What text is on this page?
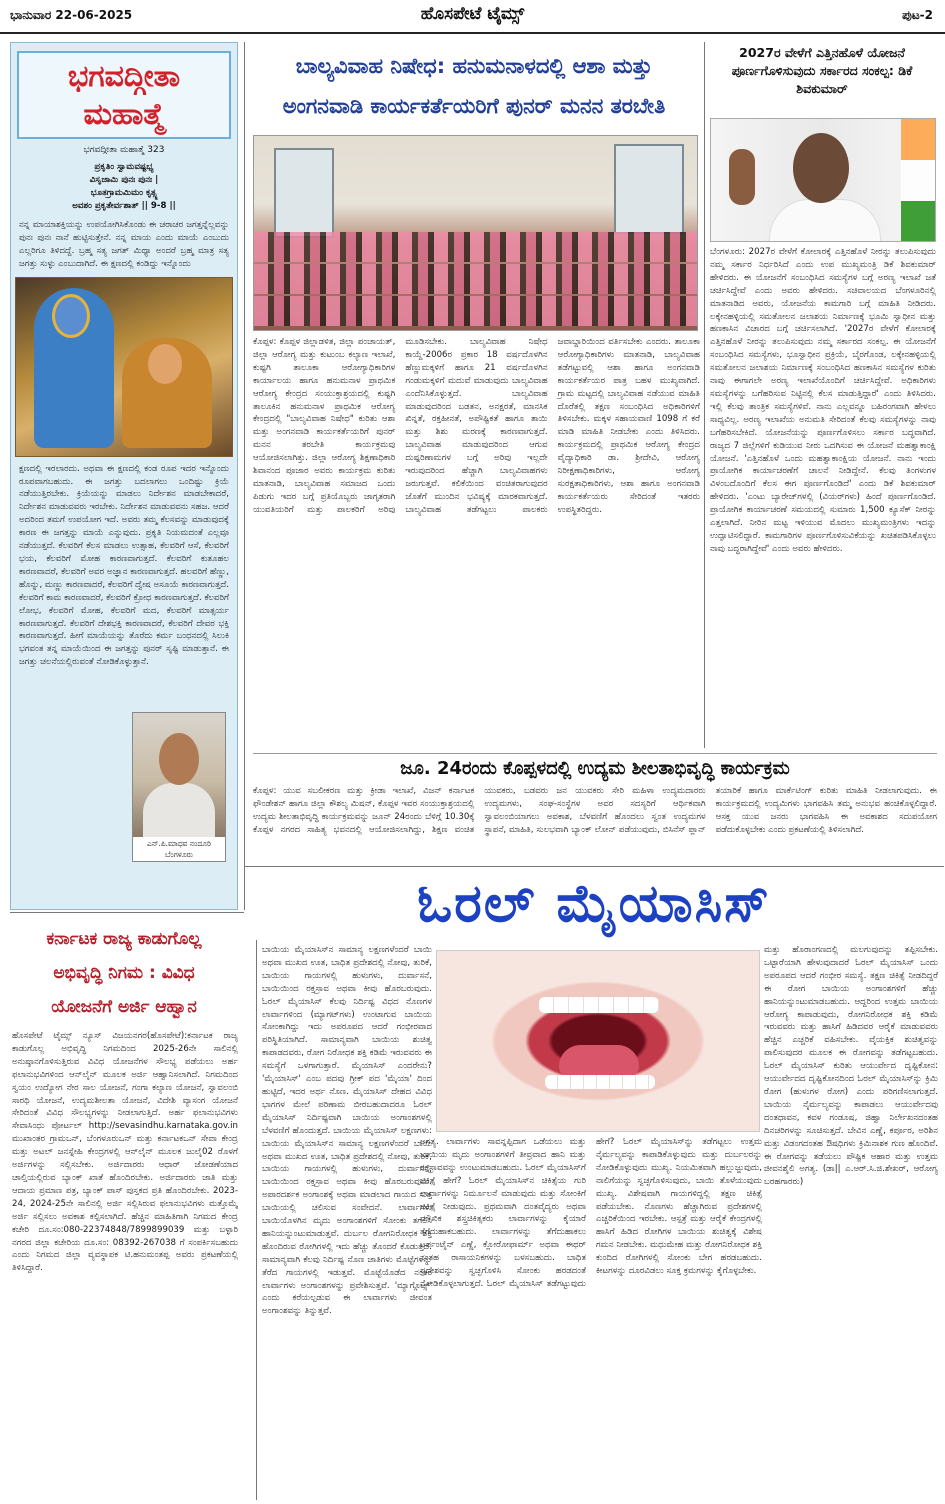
ಭಾನುವಾರ 22-06-2025	ಹೊಸಪೇಟೆ ಟೈಮ್ಸ್	ಪುಟ-2
ಭಗವದ್ಗೀತಾ
ಮಹಾತ್ಮೆ
ಭಗವದ್ಗೀತಾ ಮಹಾತ್ಮೆ 323
ಪ್ರಕೃತಿಂ ಸ್ವಾಮವಷ್ಟಭ್ಯ
ವಿಸೃಜಾಮಿ ಪುನಃ ಪುನಃ |
ಭೂತಗ್ರಾಮಮಿಮಂ ಕೃತ್ಸ್ನ
ಅವಶಂ ಪ್ರಕೃತೇರ್ವಶಾತ್ || 9-8 ||
ನನ್ನ ಮಾಯಾಶಕ್ತಿಯನ್ನು ಉಪಯೋಗಿಸಿಕೊಂಡು ಈ ಚರಾಚರ ಜಗತ್ತನ್ನೆಲ್ಲವನ್ನು ಪುನಃ ಪುನಃ ನಾನೆ ಹುಟ್ಟಿಸುತ್ತೇನೆ. ನನ್ನ ಮಾಯ ಎಂದು ಮಾಯೆ ಎಂಬುದು ಎಲ್ಲರಿಗೂ ತಿಳಿದದ್ದೆ. ಬ್ರಹ್ಮ ಸತ್ಯ ಜಗತ್ ಮಿಥ್ಯಾ ಅಂದರೆ ಬ್ರಹ್ಮ ಮಾತ್ರ ಸತ್ಯ ಜಗತ್ತು ಸುಳ್ಳು ಎಂಬುದಾಗಿದೆ. ಈ ಕ್ಷಣದಲ್ಲಿ ಕಂಡಿದ್ದು ಇನ್ನೊಂದು
ಕ್ಷಣದಲ್ಲಿ ಇರಲಾರದು. ಅಥವಾ ಈ ಕ್ಷಣದಲ್ಲಿ ಕಂಡ ರೂಪ ಇದರ ಇನ್ನೊಂದು ರೂಪವಾಗಬಹುದು. ಈ ಜಗತ್ತು ಬದಲಾಗಲು ಒಂದಿಷ್ಟು ಕ್ರಿಯೆ ನಡೆಯುತ್ತಿರಬೇಕು. ಕ್ರಿಯೆಯನ್ನು ಮಾಡಲು ನಿರ್ದೇಶನ ಮಾಡಬೇಕಾದರೆ, ನಿರ್ದೇಶನ ಮಾಡುವವರು ಇರಬೇಕು. ನಿರ್ದೇಶನ ಮಾಡುವವನು ಸಹಜ. ಆದರೆ ಅದರಿಂದ ತಮಗೆ ಉಪಯೋಗ ಇದೆ. ಅವರು ತಮ್ಮ ಕೆಲಸವನ್ನು ಮಾಡುವುದಕ್ಕೆ ಕಾರಣ ಈ ಜಗತ್ತನ್ನು ಮಾಯೆ ಎನ್ನುವುದು. ಪ್ರಕೃತಿ ನಿಯಮದಂತೆ ಎಲ್ಲವೂ ನಡೆಯುತ್ತದೆ. ಕೆಲವರಿಗೆ ಕೆಲಸ ಮಾಡಲು ಉತ್ಸಾಹ, ಕೆಲವರಿಗೆ ಆಸೆ, ಕೆಲವರಿಗೆ ಭಯ, ಕೆಲವರಿಗೆ ಮೋಹ ಕಾರಣವಾಗುತ್ತದೆ. ಕೆಲವರಿಗೆ ಕುತೂಹಲ ಕಾರಣವಾದರೆ, ಕೆಲವರಿಗೆ ಅವರ ಅಜ್ಞಾನ ಕಾರಣವಾಗುತ್ತದೆ. ಹಲವರಿಗೆ ಹೆಣ್ಣು, ಹೊನ್ನು, ಮಣ್ಣು ಕಾರಣವಾದರೆ, ಕೆಲವರಿಗೆ ದ್ವೇಷ ಅಸೂಯೆ ಕಾರಣವಾಗುತ್ತದೆ. ಕೆಲವರಿಗೆ ಕಾಮ ಕಾರಣವಾದರೆ, ಕೆಲವರಿಗೆ ಕ್ರೋಧ ಕಾರಣವಾಗುತ್ತದೆ. ಕೆಲವರಿಗೆ ಲೋಭ, ಕೆಲವರಿಗೆ ಮೋಹ, ಕೆಲವರಿಗೆ ಮದ, ಕೆಲವರಿಗೆ ಮಾತ್ಸರ್ಯ ಕಾರಣವಾಗುತ್ತದೆ. ಕೆಲವರಿಗೆ ದೇಶಭಕ್ತಿ ಕಾರಣವಾದರೆ, ಕೆಲವರಿಗೆ ದೇವರ ಭಕ್ತಿ ಕಾರಣವಾಗುತ್ತದೆ. ಹೀಗೆ ಮಾಯೆಯನ್ನು ತೊರೆದು ಕರ್ಮ ಬಂಧನದಲ್ಲಿ ಸಿಲುಕಿ ಭಗವಂತ ತನ್ನ ಮಾಯೆಯಿಂದ ಈ ಜಗತ್ತನ್ನು ಪುನರ್ ಸೃಷ್ಟಿ ಮಾಡುತ್ತಾನೆ. ಈ ಜಗತ್ತು ಚಲನೆಯಲ್ಲಿರುವಂತೆ ನೋಡಿಕೊಳ್ಳುತ್ತಾನೆ.
ಎನ್.ಪಿ.ಮಾಧವ ನಂದೂರಿ
ಬೆಂಗಳೂರು
ಬಾಲ್ಯವಿವಾಹ ನಿಷೇಧ: ಹನುಮನಾಳದಲ್ಲಿ ಆಶಾ ಮತ್ತು
ಅಂಗನವಾಡಿ ಕಾರ್ಯಕರ್ತೆಯರಿಗೆ ಪುನರ್ ಮನನ ತರಬೇತಿ
ಕೊಪ್ಪಳ: ಕೊಪ್ಪಳ ಜಿಲ್ಲಾಡಳಿತ, ಜಿಲ್ಲಾ ಪಂಚಾಯತ್, ಜಿಲ್ಲಾ ಆರೋಗ್ಯ ಮತ್ತು ಕುಟುಂಬ ಕಲ್ಯಾಣ ಇಲಾಖೆ, ಕುಷ್ಟಗಿ ತಾಲೂಕಾ ಆರೋಗ್ಯಾಧಿಕಾರಿಗಳ ಕಾರ್ಯಾಲಯ ಹಾಗೂ ಹನುಮನಾಳ ಪ್ರಾಥಮಿಕ ಆರೋಗ್ಯ ಕೇಂದ್ರದ ಸಂಯುಕ್ತಾಶ್ರಯದಲ್ಲಿ ಕುಷ್ಟಗಿ ತಾಲೂಕಿನ ಹನುಮನಾಳ ಪ್ರಾಥಮಿಕ ಆರೋಗ್ಯ ಕೇಂದ್ರದಲ್ಲಿ "ಬಾಲ್ಯವಿವಾಹ ನಿಷೇಧ" ಕುರಿತು ಆಶಾ ಮತ್ತು ಅಂಗನವಾಡಿ ಕಾರ್ಯಕರ್ತೆಯರಿಗೆ ಪುನರ್ ಮನನ ತರಬೇತಿ ಕಾರ್ಯಕ್ರಮವು ಆಯೋಜಿಸಲಾಗಿತ್ತು. ಜಿಲ್ಲಾ ಆರೋಗ್ಯ ಶಿಕ್ಷಣಾಧಿಕಾರಿ ಶಿವಾನಂದ ಪೂಜಾರ ಅವರು ಕಾರ್ಯಕ್ರಮ ಕುರಿತು ಮಾತನಾಡಿ, ಬಾಲ್ಯವಿವಾಹ ಸಮಾಜದ ಒಂದು ಪಿಡುಗು ಇದರ ಬಗ್ಗೆ ಪ್ರತಿಯೊಬ್ಬರು ಜಾಗೃತರಾಗಿ ಯುವತಿಯರಿಗೆ ಮತ್ತು ಪಾಲಕರಿಗೆ ಅರಿವು ಮೂಡಿಸಬೇಕು. ಬಾಲ್ಯವಿವಾಹ ನಿಷೇಧ ಕಾಯ್ದೆ-2006ರ ಪ್ರಕಾರ 18 ವರ್ಷದೊಳಗಿನ ಹೆಣ್ಣುಮಕ್ಕಳಿಗೆ ಹಾಗೂ 21 ವರ್ಷದೊಳಗಿನ ಗಂಡುಮಕ್ಕಳಿಗೆ ಮದುವೆ ಮಾಡುವುದು ಬಾಲ್ಯವಿವಾಹ ಎಂದೆನಿಸಿಕೊಳ್ಳುತ್ತದೆ. ಬಾಲ್ಯವಿವಾಹ ಮಾಡುವುದರಿಂದ ಬಡತನ, ಅನಕ್ಷರತೆ, ಮಾನಸಿಕ ಖಿನ್ನತೆ, ರಕ್ತಹೀನತೆ, ಅಪೌಷ್ಟಿಕತೆ ಹಾಗೂ ತಾಯಿ ಮತ್ತು ಶಿಶು ಮರಣಕ್ಕೆ ಕಾರಣವಾಗುತ್ತದೆ. ಬಾಲ್ಯವಿವಾಹ ಮಾಡುವುದರಿಂದ ಆಗುವ ದುಷ್ಪರಿಣಾಮಗಳ ಬಗ್ಗೆ ಅರಿವು ಇಲ್ಲದೇ ಇರುವುದರಿಂದ ಹೆಚ್ಚಾಗಿ ಬಾಲ್ಯವಿವಾಹಗಳು ಜರುಗುತ್ತವೆ. ಕಲಿಕೆಯಿಂದ ವಂಚಿತರಾಗುವುದರ ಜೊತೆಗೆ ಮುಂದಿನ ಭವಿಷ್ಯಕ್ಕೆ ಮಾರಕವಾಗುತ್ತದೆ. ಬಾಲ್ಯವಿವಾಹ ತಡೆಗಟ್ಟಲು ಪಾಲಕರು ಜವಾಬ್ದಾರಿಯಿಂದ ವರ್ತಿಸಬೇಕು ಎಂದರು. ತಾಲೂಕಾ ಆರೋಗ್ಯಾಧಿಕಾರಿಗಳು ಮಾತನಾಡಿ, ಬಾಲ್ಯವಿವಾಹ ತಡೆಗಟ್ಟುವಲ್ಲಿ ಆಶಾ ಹಾಗೂ ಅಂಗನವಾಡಿ ಕಾರ್ಯಕರ್ತೆಯರ ಪಾತ್ರ ಬಹಳ ಮುಖ್ಯವಾಗಿದೆ. ಗ್ರಾಮ ಮಟ್ಟದಲ್ಲಿ ಬಾಲ್ಯವಿವಾಹ ನಡೆಯುವ ಮಾಹಿತಿ ದೊರೆತಲ್ಲಿ ತಕ್ಷಣ ಸಂಬಂಧಿಸಿದ ಅಧಿಕಾರಿಗಳಿಗೆ ತಿಳಿಸಬೇಕು. ಮಕ್ಕಳ ಸಹಾಯವಾಣಿ 1098 ಗೆ ಕರೆ ಮಾಡಿ ಮಾಹಿತಿ ನೀಡಬೇಕು ಎಂದು ತಿಳಿಸಿದರು. ಕಾರ್ಯಕ್ರಮದಲ್ಲಿ ಪ್ರಾಥಮಿಕ ಆರೋಗ್ಯ ಕೇಂದ್ರದ ವೈದ್ಯಾಧಿಕಾರಿ ಡಾ. ಶ್ರೀದೇವಿ, ಆರೋಗ್ಯ ನಿರೀಕ್ಷಣಾಧಿಕಾರಿಗಳು, ಆರೋಗ್ಯ ಸುರಕ್ಷತಾಧಿಕಾರಿಗಳು, ಆಶಾ ಹಾಗೂ ಅಂಗನವಾಡಿ ಕಾರ್ಯಕರ್ತೆಯರು ಸೇರಿದಂತೆ ಇತರರು ಉಪಸ್ಥಿತರಿದ್ದರು.
2027ರ ವೇಳೆಗೆ ಎತ್ತಿನಹೊಳೆ ಯೋಜನೆ ಪೂರ್ಣಗೊಳಿಸುವುದು ಸರ್ಕಾರದ ಸಂಕಲ್ಪ: ಡಿಕೆ ಶಿವಕುಮಾರ್
ಬೆಂಗಳೂರು: 2027ರ ವೇಳೆಗೆ ಕೋಲಾರಕ್ಕೆ ಎತ್ತಿನಹೊಳೆ ನೀರನ್ನು ತಲುಪಿಸುವುದು ನಮ್ಮ ಸರ್ಕಾರ ನಿರ್ಧರಿಸಿದೆ ಎಂದು ಉಪ ಮುಖ್ಯಮಂತ್ರಿ ಡಿಕೆ ಶಿವಕುಮಾರ್ ಹೇಳಿದರು. ಈ ಯೋಜನೆಗೆ ಸಂಬಂಧಿಸಿದ ಸಮಸ್ಯೆಗಳ ಬಗ್ಗೆ ಅರಣ್ಯ ಇಲಾಖೆ ಜತೆ ಚರ್ಚಿಸಿದ್ದೇವೆ ಎಂದು ಅವರು ಹೇಳಿದರು. ಸಚಿವಾಲಯದ ಬೆಂಗಳೂರಿನಲ್ಲಿ ಮಾತನಾಡಿದ ಅವರು, ಯೋಜನೆಯ ಕಾಮಗಾರಿ ಬಗ್ಗೆ ಮಾಹಿತಿ ನೀಡಿದರು. ಲಕ್ಕೇನಹಳ್ಳಿಯಲ್ಲಿ ಸಮತೋಲನ ಜಲಾಶಯ ನಿರ್ಮಾಣಕ್ಕೆ ಭೂಮಿ ಸ್ವಾಧೀನ ಮತ್ತು ಹಣಕಾಸಿನ ವಿಚಾರದ ಬಗ್ಗೆ ಚರ್ಚಿಸಲಾಗಿದೆ. '2027ರ ವೇಳೆಗೆ ಕೋಲಾರಕ್ಕೆ ಎತ್ತಿನಹೊಳೆ ನೀರನ್ನು ತಲುಪಿಸುವುದು ನಮ್ಮ ಸರ್ಕಾರದ ಸಂಕಲ್ಪ. ಈ ಯೋಜನೆಗೆ ಸಂಬಂಧಿಸಿದ ಸಮಸ್ಯೆಗಳು, ಭೂಸ್ವಾಧೀನ ಪ್ರಕ್ರಿಯೆ, ಬೈರಗೊಂಡ, ಲಕ್ಕೇನಹಳ್ಳಿಯಲ್ಲಿ ಸಮತೋಲನ ಜಲಾಶಯ ನಿರ್ಮಾಣಕ್ಕೆ ಸಂಬಂಧಿಸಿದ ಹಣಕಾಸಿನ ಸಮಸ್ಯೆಗಳ ಕುರಿತು ನಾವು ಈಗಾಗಲೇ ಅರಣ್ಯ ಇಲಾಖೆಯೊಂದಿಗೆ ಚರ್ಚಿಸಿದ್ದೇವೆ. ಅಧಿಕಾರಿಗಳು ಸಮಸ್ಯೆಗಳನ್ನು ಬಗೆಹರಿಸುವ ನಿಟ್ಟಿನಲ್ಲಿ ಕೆಲಸ ಮಾಡುತ್ತಿದ್ದಾರೆ' ಎಂದು ತಿಳಿಸಿದರು. ಇಲ್ಲಿ ಕೆಲವು ತಾಂತ್ರಿಕ ಸಮಸ್ಯೆಗಳಿವೆ. ನಾನು ಎಲ್ಲವನ್ನೂ ಬಹಿರಂಗವಾಗಿ ಹೇಳಲು ಸಾಧ್ಯವಿಲ್ಲ. ಅರಣ್ಯ ಇಲಾಖೆಯ ಅನುಮತಿ ಸೇರಿದಂತೆ ಕೆಲವು ಸಮಸ್ಯೆಗಳನ್ನು ನಾವು ಬಗೆಹರಿಸಬೇಕಿದೆ. ಯೋಜನೆಯನ್ನು ಪೂರ್ಣಗೊಳಿಸಲು ಸರ್ಕಾರ ಬದ್ಧವಾಗಿದೆ. ರಾಜ್ಯದ 7 ಜಿಲ್ಲೆಗಳಿಗೆ ಕುಡಿಯುವ ನೀರು ಒದಗಿಸುವ ಈ ಯೋಜನೆ ಮಹತ್ವಾಕಾಂಕ್ಷಿ ಯೋಜನೆ. 'ಎತ್ತಿನಹೊಳೆ ಒಂದು ಮಹತ್ವಾಕಾಂಕ್ಷಿಯ ಯೋಜನೆ. ನಾನು ಇಂದು ಪ್ರಾಯೋಗಿಕ ಕಾರ್ಯಾಚರಣೆಗೆ ಚಾಲನೆ ನೀಡಿದ್ದೇನೆ. ಕೆಲವು ತಿಂಗಳುಗಳ ವಿಳಂಬದೊಂದಿಗೆ ಕೆಲಸ ಈಗ ಪೂರ್ಣಗೊಂಡಿದೆ' ಎಂದು ಡಿಕೆ ಶಿವಕುಮಾರ್ ಹೇಳಿದರು. 'ಎಂಟು ಬ್ಯಾರೇಜ್‌ಗಳಲ್ಲಿ (ವಿಯರ್‌ಗಳು) ಹಿಂದೆ ಪೂರ್ಣಗೊಂಡಿದೆ. ಪ್ರಾಯೋಗಿಕ ಕಾರ್ಯಾಚರಣೆ ಸಮಯದಲ್ಲಿ ಸುಮಾರು 1,500 ಕ್ಯೂಸೆಕ್ ನೀರನ್ನು ಎತ್ತಲಾಗಿದೆ. ನೀರಿನ ಮಟ್ಟ ಇಳಿಯುವ ಮೊದಲು ಮುಖ್ಯಮಂತ್ರಿಗಳು ಇದನ್ನು ಉದ್ಘಾಟಿಸಲಿದ್ದಾರೆ. ಕಾಮಗಾರಿಗಳ ಪೂರ್ಣಗೊಳಿಸುವಿಕೆಯನ್ನು ಖಚಿತಪಡಿಸಿಕೊಳ್ಳಲು ನಾವು ಬದ್ಧರಾಗಿದ್ದೇವೆ' ಎಂದು ಅವರು ಹೇಳಿದರು.
ಜೂ. 24ರಂದು ಕೊಪ್ಪಳದಲ್ಲಿ ಉದ್ಯಮ ಶೀಲತಾಭಿವೃದ್ಧಿ ಕಾರ್ಯಕ್ರಮ
ಕೊಪ್ಪಳ: ಯುವ ಸಬಲೀಕರಣ ಮತ್ತು ಕ್ರೀಡಾ ಇಲಾಖೆ, ವಿಜನ್ ಕರ್ನಾಟಕ ಫೌಂಡೇಶನ್ ಹಾಗೂ ಜಿಲ್ಲಾ ಕೌಶಲ್ಯ ಮಿಷನ್, ಕೊಪ್ಪಳ ಇವರ ಸಂಯುಕ್ತಾಶ್ರಯದಲ್ಲಿ ಉದ್ಯಮ ಶೀಲತಾಭಿವೃದ್ಧಿ ಕಾರ್ಯಕ್ರಮವನ್ನು ಜೂನ್ 24ರಂದು ಬೆಳಿಗ್ಗೆ 10.30ಕ್ಕೆ ಕೊಪ್ಪಳ ನಗರದ ಸಾಹಿತ್ಯ ಭವನದಲ್ಲಿ ಆಯೋಜಿಸಲಾಗಿದ್ದು, ಶಿಕ್ಷಣ ವಂಚಿತ ಯುವಕರು, ಬಡವರು ಜನ ಯುವಕರು ಸೇರಿ ಮಹಿಳಾ ಉದ್ಯಮದಾರರು ಉದ್ಯಮಗಳು, ಸಂಘ-ಸಂಸ್ಥೆಗಳ ಅವರ ಸದಸ್ಯರಿಗೆ ಆರ್ಥಿಕವಾಗಿ ಸ್ವಾವಲಂಬಿಯಾಗಲು ಅವಕಾಶ, ಬೆಳವಣಿಗೆ ಹೊಂದಲು ಸ್ವಂತ ಉದ್ಯಮಗಳ ಸ್ಥಾಪನೆ, ಮಾಹಿತಿ, ಸುಲಭವಾಗಿ ಬ್ಯಾಂಕ್ ಲೋನ್ ಪಡೆಯುವುದು, ಬಿಸಿನೆಸ್ ಪ್ಲಾನ್ ತಯಾರಿಕೆ ಹಾಗೂ ಮಾರ್ಕೆಟಿಂಗ್ ಕುರಿತು ಮಾಹಿತಿ ನೀಡಲಾಗುವುದು. ಈ ಕಾರ್ಯಕ್ರಮದಲ್ಲಿ ಉದ್ಯಮಿಗಳು ಭಾಗವಹಿಸಿ ತಮ್ಮ ಅನುಭವ ಹಂಚಿಕೊಳ್ಳಲಿದ್ದಾರೆ. ಆಸಕ್ತ ಯುವ ಜನರು ಭಾಗವಹಿಸಿ ಈ ಅವಕಾಶದ ಸದುಪಯೋಗ ಪಡೆದುಕೊಳ್ಳಬೇಕು ಎಂದು ಪ್ರಕಟಣೆಯಲ್ಲಿ ತಿಳಿಸಲಾಗಿದೆ.
ಓರಲ್ ಮೈಯಾಸಿಸ್
ಬಾಯಿಯ ಮೈಯಾಸಿಸ್‌ನ ಸಾಮಾನ್ಯ ಲಕ್ಷಣಗಳೆಂದರೆ ಬಾಯಿ ಅಥವಾ ಮುಖದ ಊತ, ಬಾಧಿತ ಪ್ರದೇಶದಲ್ಲಿ ನೋವು, ತುರಿಕೆ, ಬಾಯಿಯ ಗಾಯಗಳಲ್ಲಿ ಹುಳುಗಳು, ದುರ್ವಾಸನೆ, ಬಾಯಿಯಿಂದ ರಕ್ತಸ್ರಾವ ಅಥವಾ ಕೀವು ಹೊರಬರುವುದು. ಓರಲ್ ಮೈಯಾಸಿಸ್ ಕೆಲವು ನಿರ್ದಿಷ್ಟ ವಿಧದ ನೊಣಗಳ ಲಾರ್ವಾಗಳಿಂದ (ಮ್ಯಾಗಟ್‌ಗಳು) ಉಂಟಾಗುವ ಬಾಯಿಯ ಸೋಂಕಾಗಿದ್ದು ಇದು ಅಪರೂಪದ ಆದರೆ ಗಂಭೀರವಾದ ಪರಿಸ್ಥಿತಿಯಾಗಿದೆ. ಸಾಮಾನ್ಯವಾಗಿ ಬಾಯಿಯ ಶುಚಿತ್ವ ಕಾಪಾಡದವರು, ರೋಗ ನಿರೋಧಕ ಶಕ್ತಿ ಕಡಿಮೆ ಇರುವವರು ಈ ಸಮಸ್ಯೆಗೆ ಒಳಗಾಗುತ್ತಾರೆ. ಮೈಯಾಸಿಸ್ ಎಂದರೇನು? 'ಮೈಯಾಸಿಸ್' ಎಂಬ ಪದವು ಗ್ರೀಕ್ ಪದ 'ಮೈಯಾ' ದಿಂದ ಹುಟ್ಟಿದೆ, ಇದರ ಅರ್ಥ ನೊಣ. ಮೈಯಾಸಿಸ್ ದೇಹದ ವಿವಿಧ ಭಾಗಗಳ ಮೇಲೆ ಪರಿಣಾಮ ಬೀರಬಹುದಾದರೂ ಓರಲ್ ಮೈಯಾಸಿಸ್ ನಿರ್ದಿಷ್ಟವಾಗಿ ಬಾಯಿಯ ಅಂಗಾಂಶಗಳಲ್ಲಿ ಬೆಳವಣಿಗೆ ಹೊಂದುತ್ತದೆ. ಬಾಯಿಯ ಮೈಯಾಸಿಸ್ ಲಕ್ಷಣಗಳು: ಬಾಯಿಯ ಮೈಯಾಸಿಸ್‌ನ ಸಾಮಾನ್ಯ ಲಕ್ಷಣಗಳೆಂದರೆ ಬಾಯಿ ಅಥವಾ ಮುಖದ ಊತ, ಬಾಧಿತ ಪ್ರದೇಶದಲ್ಲಿ ನೋವು, ತುರಿಕೆ, ಬಾಯಿಯ ಗಾಯಗಳಲ್ಲಿ ಹುಳುಗಳು, ದುರ್ವಾಸನೆ, ಬಾಯಿಯಿಂದ ರಕ್ತಸ್ರಾವ ಅಥವಾ ಕೀವು ಹೊರಬರುವುದು. ಅಪಾರದರ್ಶಕ ಅಂಗಾಂಶಕ್ಕೆ ಅಥವಾ ಮಾಡಲಾದ ಗಾಯದ ಸುತ್ತ ಬಾಯಿಯಲ್ಲಿ ಚಲಿಸುವ ಸಂವೇದನೆ. ಲಾರ್ವಾಗಳು ಬಾಯಿಯೊಳಗಿನ ಮೃದು ಅಂಗಾಂಶಗಳಿಗೆ ಸೋಂಕು ತಗಲಿಸಿ ಹಾನಿಯನ್ನುಂಟುಮಾಡುತ್ತವೆ. ದುರ್ಬಲ ರೋಗನಿರೋಧಕ ಶಕ್ತಿ ಹೊಂದಿರುವ ರೋಗಿಗಳಲ್ಲಿ ಇದು ಹೆಚ್ಚು ತೊಂದರೆ ಕೊಡುತ್ತದೆ. ಸಾಮಾನ್ಯವಾಗಿ ಕೆಲವು ನಿರ್ದಿಷ್ಟ ನೊಣ ಜಾತಿಗಳು ಮೊಟ್ಟೆಗಳನ್ನು ತೆರೆದ ಗಾಯಗಳಲ್ಲಿ ಇಡುತ್ತವೆ. ಮೊಟ್ಟೆಯೊಡೆದ ನಂತರ ಲಾರ್ವಾಗಳು ಅಂಗಾಂಶಗಳನ್ನು ಪ್ರವೇಶಿಸುತ್ತವೆ. 'ಮ್ಯಾಗ್ಗೊಟ್ಸ್' ಎಂದು ಕರೆಯಲ್ಪಡುವ ಈ ಲಾರ್ವಾಗಳು ಜೀವಂತ ಅಂಗಾಂಶವನ್ನು ತಿನ್ನುತ್ತವೆ.
ಅಗತ್ಯ. ಲಾರ್ವಾಗಳು ಸಾವನ್ನಪ್ಪಿದಾಗ ಒಡೆಯಲು ಮತ್ತು ಬಾಯಿಯ ಮೃದು ಅಂಗಾಂಶಗಳಿಗೆ ತೀವ್ರವಾದ ಹಾನಿ ಮತ್ತು ರಕ್ತಸ್ರಾವವನ್ನು ಉಂಟುಮಾಡಬಹುದು. ಓರಲ್ ಮೈಯಾಸಿಸ್‌ಗೆ ಚಿಕಿತ್ಸೆ ಹೇಗೆ? ಓರಲ್ ಮೈಯಾಸಿಸ್‌ನ ಚಿಕಿತ್ಸೆಯ ಗುರಿ ಲಾರ್ವಾಗಳನ್ನು ನಿರ್ಮೂಲನೆ ಮಾಡುವುದು ಮತ್ತು ಸೋಂಕಿಗೆ ಚಿಕಿತ್ಸೆ ನೀಡುವುದು. ಪ್ರಥಮವಾಗಿ ದಂತವೈದ್ಯರು ಅಥವಾ ಮೌಖಿಕ ಶಸ್ತ್ರಚಿಕಿತ್ಸಕರು ಲಾರ್ವಾಗಳನ್ನು ಕೈಯಾರೆ ತೆಗೆದುಹಾಕಬಹುದು. ಲಾರ್ವಾಗಳನ್ನು ತೆಗೆದುಹಾಕಲು ಟರ್ಪಂಟೈನ್ ಎಣ್ಣೆ, ಕ್ಲೋರೋಫಾರ್ಮ್ ಅಥವಾ ಈಥರ್ ನಂತಹ ರಾಸಾಯನಿಕಗಳನ್ನು ಬಳಸಬಹುದು. ಬಾಧಿತ ಪ್ರದೇಶವನ್ನು ಸ್ವಚ್ಛಗೊಳಿಸಿ ಸೋಂಕು ಹರಡದಂತೆ ನೋಡಿಕೊಳ್ಳಲಾಗುತ್ತದೆ. ಓರಲ್ ಮೈಯಾಸಿಸ್ ತಡೆಗಟ್ಟುವುದು ಹೇಗೆ? ಓರಲ್ ಮೈಯಾಸಿಸ್‌ನ್ನು ತಡೆಗಟ್ಟಲು ಉತ್ತಮ ನೈರ್ಮಲ್ಯವನ್ನು ಕಾಪಾಡಿಕೊಳ್ಳುವುದು ಮತ್ತು ದುರ್ಬಲರನ್ನು ನೋಡಿಕೊಳ್ಳುವುದು ಮುಖ್ಯ. ನಿಯಮಿತವಾಗಿ ಹಲ್ಲುಜ್ಜುವುದು, ನಾಲಿಗೆಯನ್ನು ಸ್ವಚ್ಛಗೊಳಿಸುವುದು, ಬಾಯಿ ತೊಳೆಯುವುದು ಮುಖ್ಯ. ವಿಶೇಷವಾಗಿ ಗಾಯಗಳಿದ್ದಲ್ಲಿ ತಕ್ಷಣ ಚಿಕಿತ್ಸೆ ಪಡೆಯಬೇಕು. ನೊಣಗಳು ಹೆಚ್ಚಾಗಿರುವ ಪ್ರದೇಶಗಳಲ್ಲಿ ಎಚ್ಚರಿಕೆಯಿಂದ ಇರಬೇಕು. ಆಸ್ಪತ್ರೆ ಮತ್ತು ಆರೈಕೆ ಕೇಂದ್ರಗಳಲ್ಲಿ ಹಾಸಿಗೆ ಹಿಡಿದ ರೋಗಿಗಳ ಬಾಯಿಯ ಶುಚಿತ್ವಕ್ಕೆ ವಿಶೇಷ ಗಮನ ನೀಡಬೇಕು. ಮಧುಮೇಹ ಮತ್ತು ರೋಗನಿರೋಧಕ ಶಕ್ತಿ ಕುಂದಿದ ರೋಗಿಗಳಲ್ಲಿ ಸೋಂಕು ಬೇಗ ಹರಡಬಹುದು. ಕೀಟಗಳನ್ನು ದೂರವಿಡಲು ಸೂಕ್ತ ಕ್ರಮಗಳನ್ನು ಕೈಗೊಳ್ಳಬೇಕು.
ಮತ್ತು ಹೊರಾಂಗಣದಲ್ಲಿ ಮಲಗುವುದನ್ನು ತಪ್ಪಿಸಬೇಕು. ಒಟ್ಟಾರೆಯಾಗಿ ಹೇಳುವುದಾದರೆ ಓರಲ್ ಮೈಯಾಸಿಸ್ ಒಂದು ಅಪರೂಪದ ಆದರೆ ಗಂಭೀರ ಸಮಸ್ಯೆ. ತಕ್ಷಣ ಚಿಕಿತ್ಸೆ ನೀಡದಿದ್ದರೆ ಈ ರೋಗ ಬಾಯಿಯ ಅಂಗಾಂಶಗಳಿಗೆ ಹೆಚ್ಚು ಹಾನಿಯನ್ನುಂಟುಮಾಡಬಹುದು. ಆದ್ದರಿಂದ ಉತ್ತಮ ಬಾಯಿಯ ಆರೋಗ್ಯ ಕಾಪಾಡುವುದು, ರೋಗನಿರೋಧಕ ಶಕ್ತಿ ಕಡಿಮೆ ಇರುವವರು ಮತ್ತು ಹಾಸಿಗೆ ಹಿಡಿದವರ ಆರೈಕೆ ಮಾಡುವವರು ಹೆಚ್ಚಿನ ಎಚ್ಚರಿಕೆ ವಹಿಸಬೇಕು. ವೈಯಕ್ತಿಕ ಶುಚಿತ್ವವನ್ನು ಪಾಲಿಸುವುದರ ಮೂಲಕ ಈ ರೋಗವನ್ನು ತಡೆಗಟ್ಟಬಹುದು. ಓರಲ್ ಮೈಯಾಸಿಸ್ ಕುರಿತು ಆಯುರ್ವೇದ ದೃಷ್ಟಿಕೋನ: ಆಯುರ್ವೇದದ ದೃಷ್ಟಿಕೋನದಿಂದ ಓರಲ್ ಮೈಯಾಸಿಸ್‌ನ್ನು ಕ್ರಿಮಿ ರೋಗ (ಹುಳುಗಳ ರೋಗ) ಎಂದು ಪರಿಗಣಿಸಲಾಗುತ್ತದೆ. ಬಾಯಿಯ ನೈರ್ಮಲ್ಯವನ್ನು ಕಾಪಾಡಲು ಆಯುರ್ವೇದವು ದಂತಧಾವನ, ಕವಳ ಗಂಡೂಷ, ಜಿಹ್ವಾ ನಿರ್ಲೇಖನದಂತಹ ದಿನಚರಿಗಳನ್ನು ಸೂಚಿಸುತ್ತದೆ. ಬೇವಿನ ಎಣ್ಣೆ, ಕರ್ಪೂರ, ಅರಿಶಿನ ಮತ್ತು ವಿಡಂಗದಂತಹ ಔಷಧಿಗಳು ಕ್ರಿಮಿನಾಶಕ ಗುಣ ಹೊಂದಿವೆ. ಈ ರೋಗವನ್ನು ತಡೆಯಲು ಪೌಷ್ಟಿಕ ಆಹಾರ ಮತ್ತು ಉತ್ತಮ ಜೀವನಶೈಲಿ ಅಗತ್ಯ. (ಡಾ|| ಎ.ಆರ್.ಸಿ.ಜಿ.ಶೇಖರ್, ಆರೋಗ್ಯ ಬರಹಗಾರರು)
ಕರ್ನಾಟಕ ರಾಜ್ಯ ಕಾಡುಗೊಲ್ಲ
ಅಭಿವೃದ್ಧಿ ನಿಗಮ : ವಿವಿಧ
ಯೋಜನೆಗೆ ಅರ್ಜಿ ಆಹ್ವಾನ
ಹೊಸಪೇಟೆ ಟೈಮ್ಸ್ ನ್ಯೂಸ್ ವಿಜಯನಗರ(ಹೊಸಪೇಟೆ):ಕರ್ನಾಟಕ ರಾಜ್ಯ ಕಾಡುಗೊಲ್ಲ ಅಭಿವೃದ್ಧಿ ನಿಗಮದಿಂದ 2025-26ನೇ ಸಾಲಿನಲ್ಲಿ ಅನುಷ್ಠಾನಗೊಳಿಸುತ್ತಿರುವ ವಿವಿಧ ಯೋಜನೆಗಳ ಸೌಲಭ್ಯ ಪಡೆಯಲು ಅರ್ಹ ಫಲಾನುಭವಿಗಳಿಂದ ಆನ್‌ಲೈನ್ ಮೂಲಕ ಅರ್ಜಿ ಆಹ್ವಾನಿಸಲಾಗಿದೆ. ನಿಗಮದಿಂದ ಸ್ವಯಂ ಉದ್ಯೋಗ ನೇರ ಸಾಲ ಯೋಜನೆ, ಗಂಗಾ ಕಲ್ಯಾಣ ಯೋಜನೆ, ಸ್ವಾವಲಂಬಿ ಸಾರಥಿ ಯೋಜನೆ, ಉದ್ಯಮಶೀಲತಾ ಯೋಜನೆ, ವಿದೇಶಿ ವ್ಯಾಸಂಗ ಯೋಜನೆ ಸೇರಿದಂತೆ ವಿವಿಧ ಸೌಲಭ್ಯಗಳನ್ನು ನೀಡಲಾಗುತ್ತಿದೆ. ಅರ್ಹ ಫಲಾನುಭವಿಗಳು ಸೇವಾಸಿಂಧು ಪೋರ್ಟಲ್ http://sevasindhu.karnataka.gov.in ಮುಖಾಂತರ ಗ್ರಾಮಒನ್, ಬೆಂಗಳೂರುಒನ್ ಮತ್ತು ಕರ್ನಾಟಕಒನ್ ಸೇವಾ ಕೇಂದ್ರ ಮತ್ತು ಅಟಲ್ ಜನಸ್ನೇಹಿ ಕೇಂದ್ರಗಳಲ್ಲಿ ಆನ್‌ಲೈನ್ ಮೂಲಕ ಜುಲೈ02 ರೊಳಗೆ ಅರ್ಜಿಗಳನ್ನು ಸಲ್ಲಿಸಬೇಕು. ಅರ್ಜಿದಾರರು ಆಧಾರ್ ಜೋಡಣೆಯಾದ ಚಾಲ್ತಿಯಲ್ಲಿರುವ ಬ್ಯಾಂಕ್ ಖಾತೆ ಹೊಂದಿರಬೇಕು. ಅರ್ಜಿದಾರರು ಜಾತಿ ಮತ್ತು ಆದಾಯ ಪ್ರಮಾಣ ಪತ್ರ, ಬ್ಯಾಂಕ್ ಪಾಸ್ ಪುಸ್ತಕದ ಪ್ರತಿ ಹೊಂದಿರಬೇಕು. 2023-24, 2024-25ನೇ ಸಾಲಿನಲ್ಲಿ ಅರ್ಜಿ ಸಲ್ಲಿಸಿರುವ ಫಲಾನುಭವಿಗಳು ಮತ್ತೊಮ್ಮೆ ಅರ್ಜಿ ಸಲ್ಲಿಸಲು ಅವಕಾಶ ಕಲ್ಪಿಸಲಾಗಿದೆ. ಹೆಚ್ಚಿನ ಮಾಹಿತಿಗಾಗಿ ನಿಗಮದ ಕೇಂದ್ರ ಕಚೇರಿ ದೂ.ಸಂ:080-22374848/7899899039 ಮತ್ತು ಬಳ್ಳಾರಿ ನಗರದ ಜಿಲ್ಲಾ ಕಚೇರಿಯ ದೂ.ಸಂ: 08392-267038 ಗೆ ಸಂಪರ್ಕಿಸಬಹುದು ಎಂದು ನಿಗಮದ ಜಿಲ್ಲಾ ವ್ಯವಸ್ಥಾಪಕ ಟಿ.ಹನುಮಂತಪ್ಪ ಅವರು ಪ್ರಕಟಣೆಯಲ್ಲಿ ತಿಳಿಸಿದ್ದಾರೆ.
